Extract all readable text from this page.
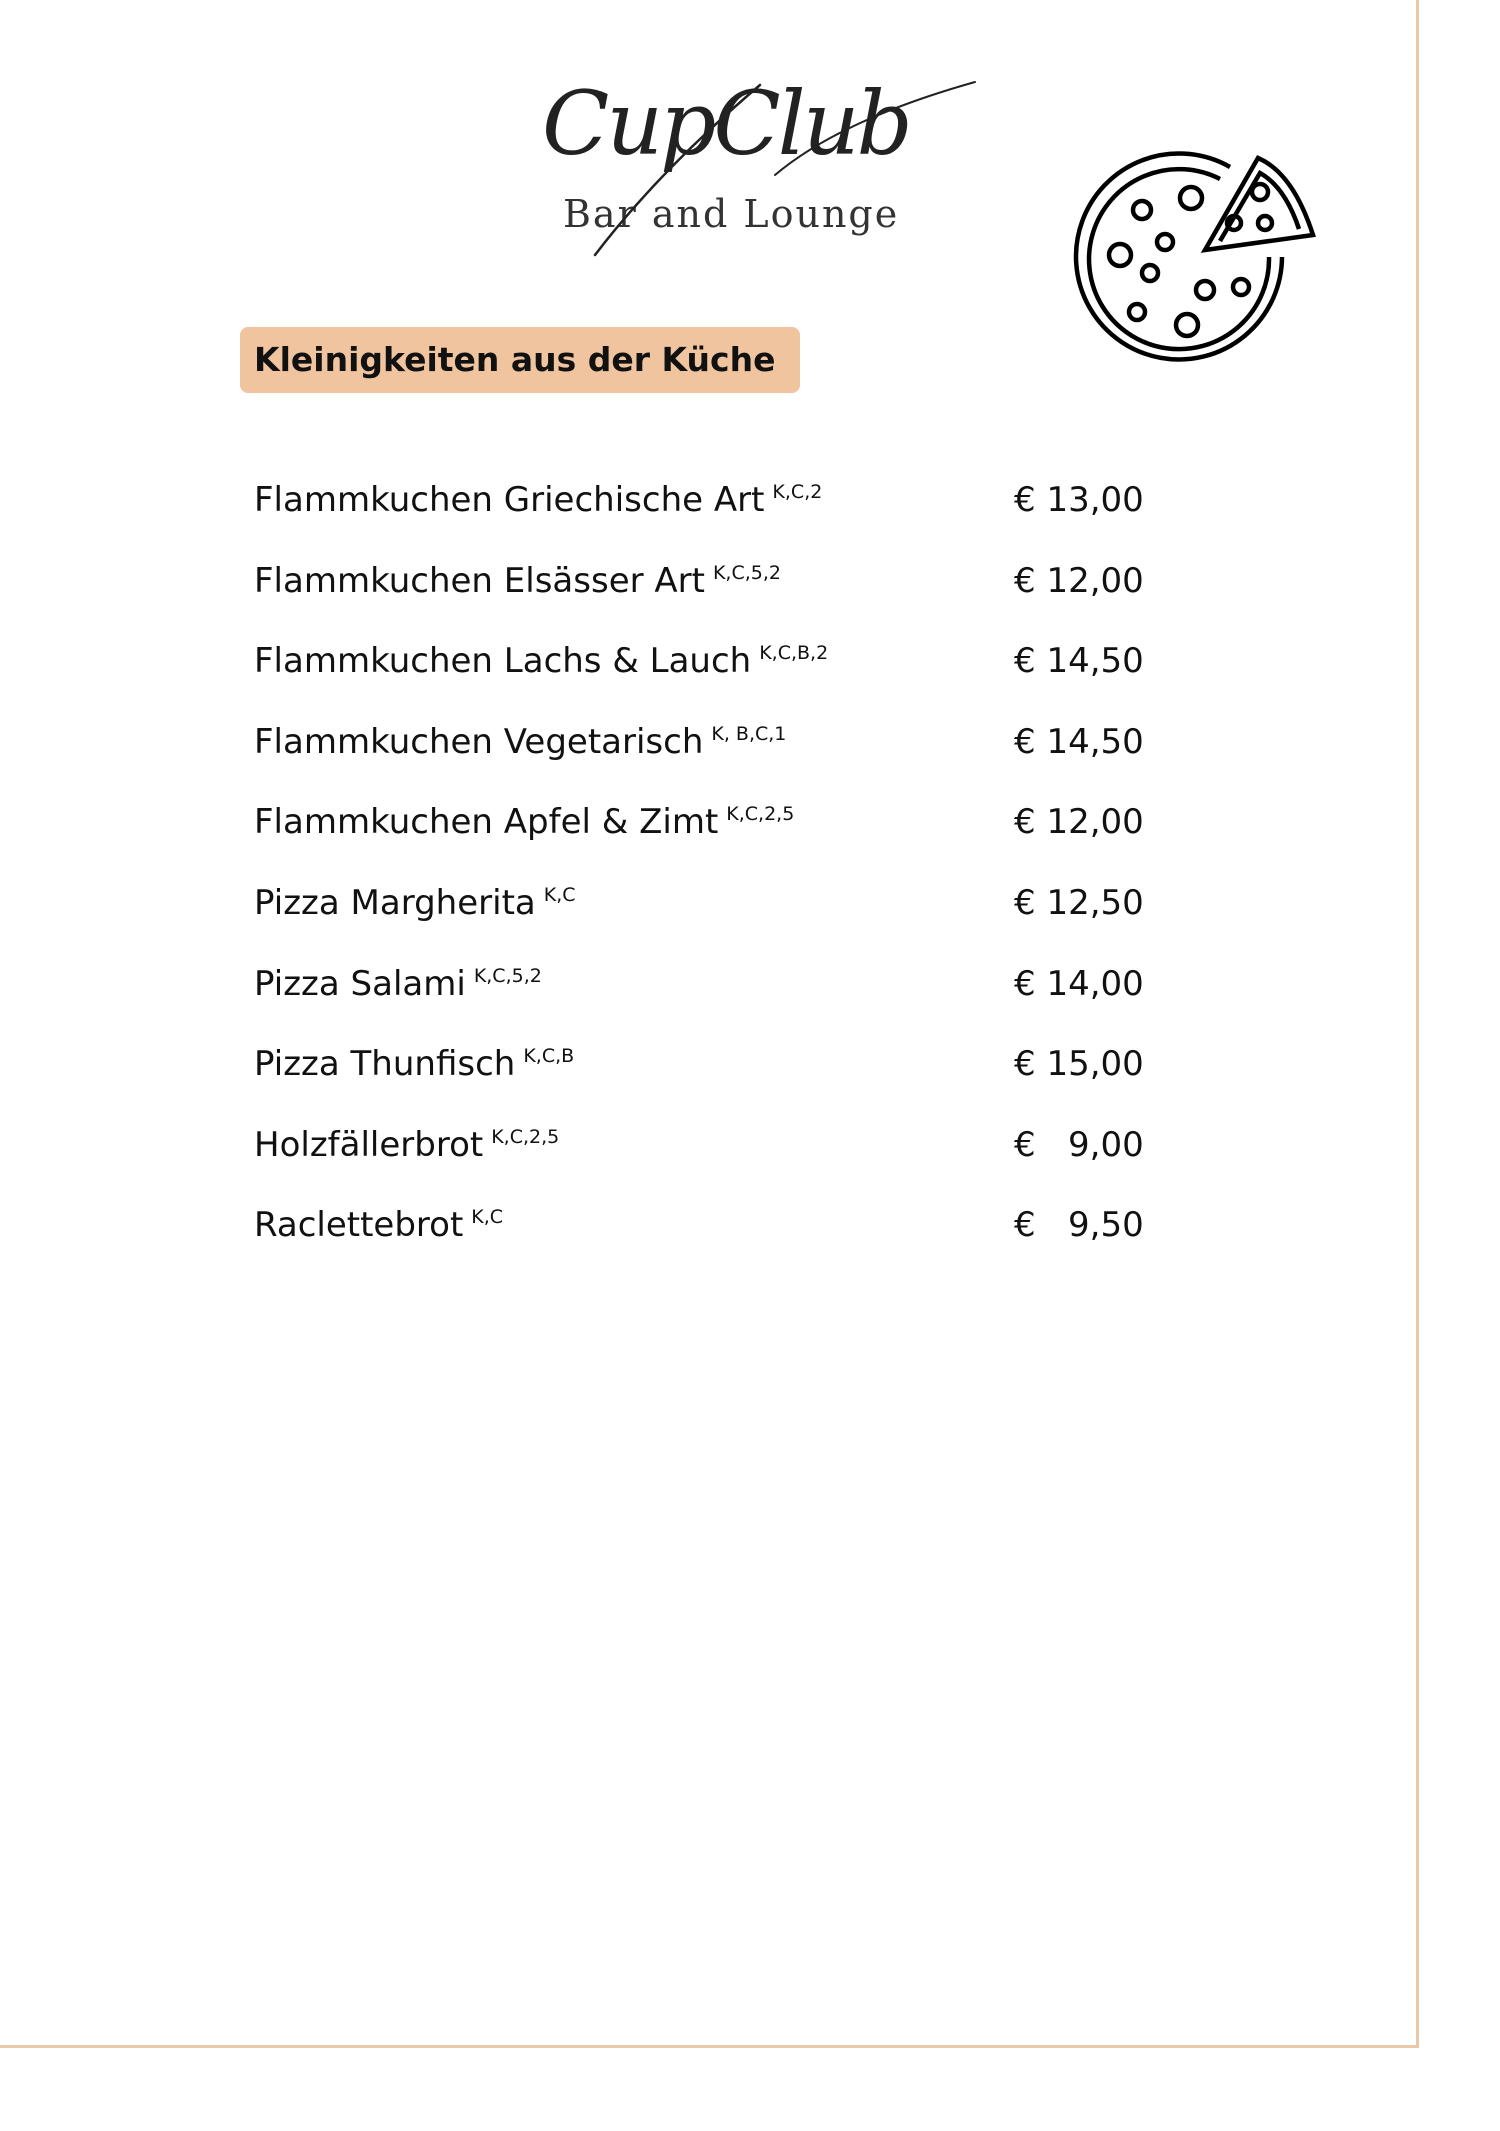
CupClub
Bar and Lounge
Kleinigkeiten aus der Küche
Flammkuchen Griechische Art $^{K,C,2}$	€ 13,00
Flammkuchen Elsässer Art $^{K,C,5,2}$	€ 12,00
Flammkuchen Lachs & Lauch $^{K,C,B,2}$	€ 14,50
Flammkuchen Vegetarisch $^{K, B,C,1}$	€ 14,50
Flammkuchen Apfel & Zimt $^{K,C,2,5}$	€ 12,00
Pizza Margherita $^{K,C}$	€ 12,50
Pizza Salami $^{K,C,5,2}$	€ 14,00
Pizza Thunfisch $^{K,C,B}$	€ 15,00
Holzfällerbrot $^{K,C,2,5}$	€   9,00
Raclettebrot $^{K,C}$	€   9,50
